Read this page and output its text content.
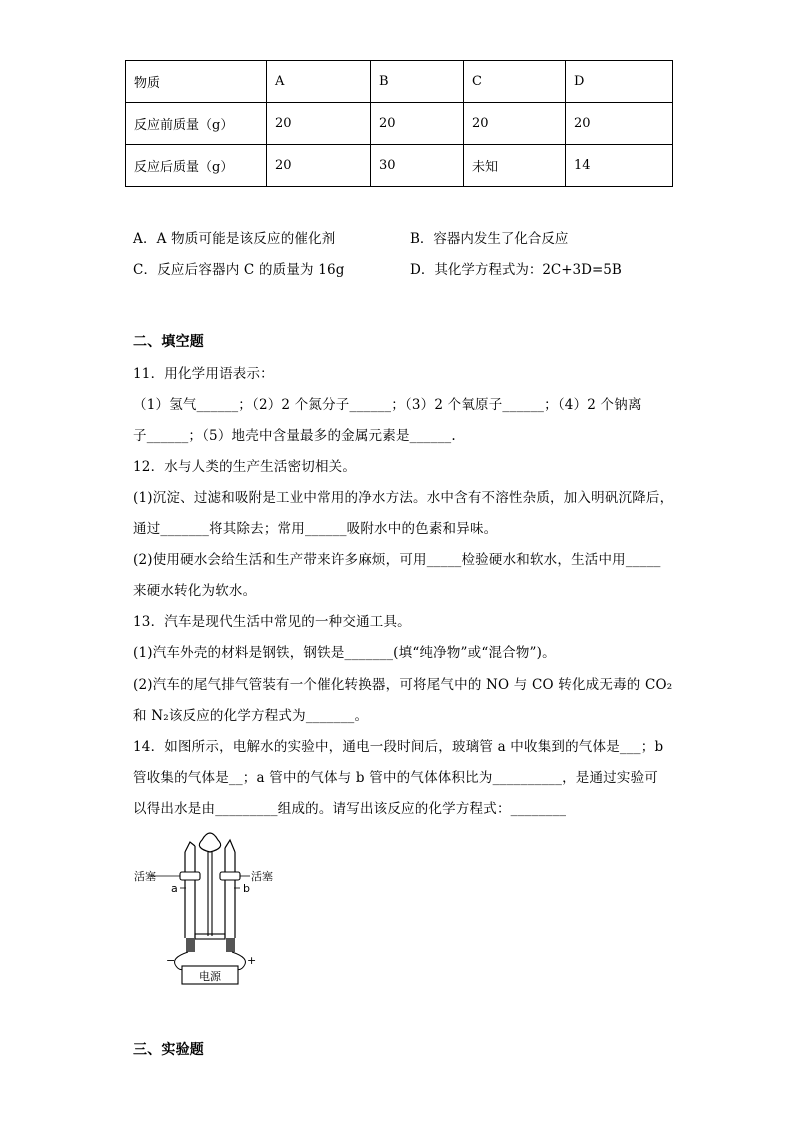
物质	A	B	C	D
反应前质量（g）	20	20	20	20
反应后质量（g）	20	30	未知	14
A．A 物质可能是该反应的催化剂	B．容器内发生了化合反应
C．反应后容器内 C 的质量为 16g	D．其化学方程式为：2C+3D=5B
二、填空题
11．用化学用语表示：
（1）氢气______；（2）2 个氮分子______；（3）2 个氧原子______；（4）2 个钠离
子______；（5）地壳中含量最多的金属元素是______.
12．水与人类的生产生活密切相关。
(1)沉淀、过滤和吸附是工业中常用的净水方法。水中含有不溶性杂质，加入明矾沉降后，
通过_______将其除去；常用______吸附水中的色素和异味。
(2)使用硬水会给生活和生产带来许多麻烦，可用_____检验硬水和软水，生活中用_____
来硬水转化为软水。
13．汽车是现代生活中常见的一种交通工具。
(1)汽车外壳的材料是钢铁，钢铁是_______(填“纯净物”或“混合物”)。
(2)汽车的尾气排气管装有一个催化转换器，可将尾气中的 NO 与 CO 转化成无毒的 CO₂
和 N₂该反应的化学方程式为_______。
14．如图所示，电解水的实验中，通电一段时间后，玻璃管 a 中收集到的气体是___；b
管收集的气体是__；a 管中的气体与 b 管中的气体体积比为__________，是通过实验可
以得出水是由_________组成的。请写出该反应的化学方程式：________
电源
活塞	活塞
a	b
−	+
三、实验题
